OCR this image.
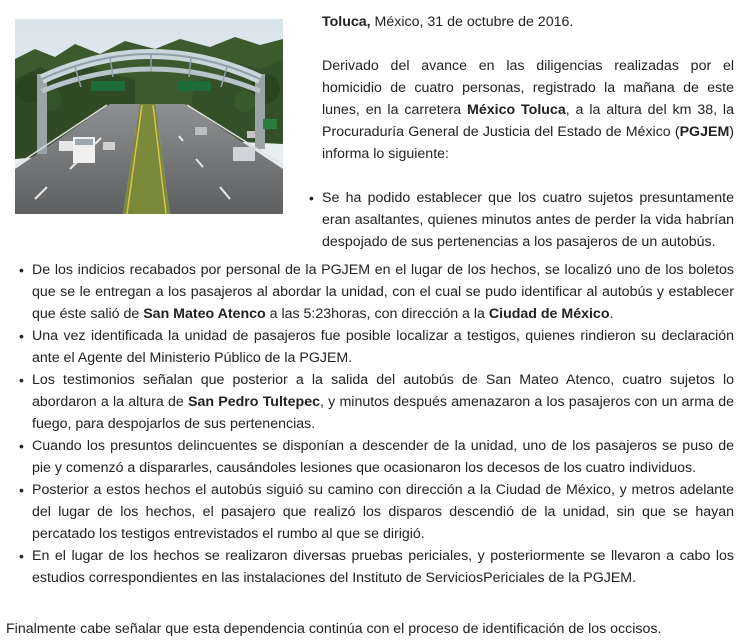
Toluca, México, 31 de octubre de 2016.

Derivado del avance en las diligencias realizadas por el homicidio de cuatro personas, registrado la mañana de este lunes, en la carretera México Toluca, a la altura del km 38, la Procuraduría General de Justicia del Estado de México (PGJEM) informa lo siguiente:

• Se ha podido establecer que los cuatro sujetos presuntamente eran asaltantes, quienes minutos antes de perder la vida habrían despojado de sus pertenencias a los pasajeros de un autobús.
• De los indicios recabados por personal de la PGJEM en el lugar de los hechos, se localizó uno de los boletos que se le entregan a los pasajeros al abordar la unidad, con el cual se pudo identificar al autobús y establecer que éste salió de San Mateo Atenco a las 5:23horas, con dirección a la Ciudad de México.
• Una vez identificada la unidad de pasajeros fue posible localizar a testigos, quienes rindieron su declaración ante el Agente del Ministerio Público de la PGJEM.
• Los testimonios señalan que posterior a la salida del autobús de San Mateo Atenco, cuatro sujetos lo abordaron a la altura de San Pedro Tultepec, y minutos después amenazaron a los pasajeros con un arma de fuego, para despojarlos de sus pertenencias.
• Cuando los presuntos delincuentes se disponían a descender de la unidad, uno de los pasajeros se puso de pie y comenzó a dispararles, causándoles lesiones que ocasionaron los decesos de los cuatro individuos.
• Posterior a estos hechos el autobús siguió su camino con dirección a la Ciudad de México, y metros adelante del lugar de los hechos, el pasajero que realizó los disparos descendió de la unidad, sin que se hayan percatado los testigos entrevistados el rumbo al que se dirigió.
• En el lugar de los hechos se realizaron diversas pruebas periciales, y posteriormente se llevaron a cabo los estudios correspondientes en las instalaciones del Instituto de ServiciosPericiales de la PGJEM.

Finalmente cabe señalar que esta dependencia continúa con el proceso de identificación de los occisos.
